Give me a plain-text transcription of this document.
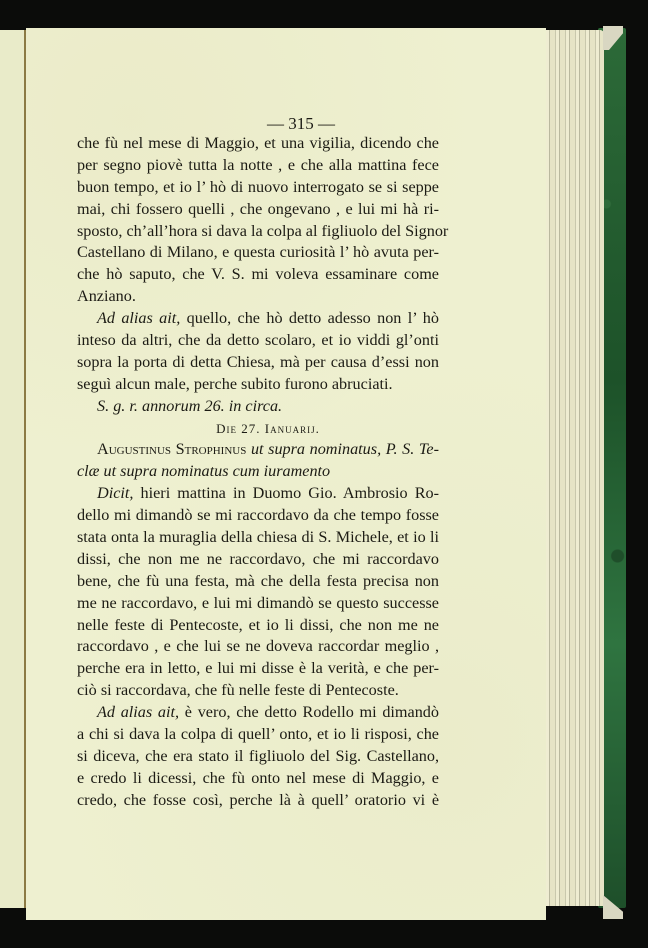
— 315 —
che fù nel mese di Maggio, et una vigilia, dicendo che
per segno piovè tutta la notte , e che alla mattina fece
buon tempo, et io l’ hò di nuovo interrogato se si seppe
mai, chi fossero quelli , che ongevano , e lui mi hà ri-
sposto, ch’all’hora si dava la colpa al figliuolo del Signor
Castellano di Milano, e questa curiosità l’ hò avuta per-
che hò saputo, che V. S. mi voleva essaminare come
Anziano.
Ad alias ait, quello, che hò detto adesso non l’ hò
inteso da altri, che da detto scolaro, et io viddi gl’onti
sopra la porta di detta Chiesa, mà per causa d’essi non
seguì alcun male, perche subito furono abruciati.
S. g. r. annorum 26. in circa.
Die 27. Ianuarij.
Augustinus Strophinus ut supra nominatus, P. S. Te-
clæ ut supra nominatus cum iuramento
Dicit, hieri mattina in Duomo Gio. Ambrosio Ro-
dello mi dimandò se mi raccordavo da che tempo fosse
stata onta la muraglia della chiesa di S. Michele, et io li
dissi, che non me ne raccordavo, che mi raccordavo
bene, che fù una festa, mà che della festa precisa non
me ne raccordavo, e lui mi dimandò se questo successe
nelle feste di Pentecoste, et io li dissi, che non me ne
raccordavo , e che lui se ne doveva raccordar meglio ,
perche era in letto, e lui mi disse è la verità, e che per-
ciò si raccordava, che fù nelle feste di Pentecoste.
Ad alias ait, è vero, che detto Rodello mi dimandò
a chi si dava la colpa di quell’ onto, et io li risposi, che
si diceva, che era stato il figliuolo del Sig. Castellano,
e credo li dicessi, che fù onto nel mese di Maggio, e
credo, che fosse così, perche là à quell’ oratorio vi è
